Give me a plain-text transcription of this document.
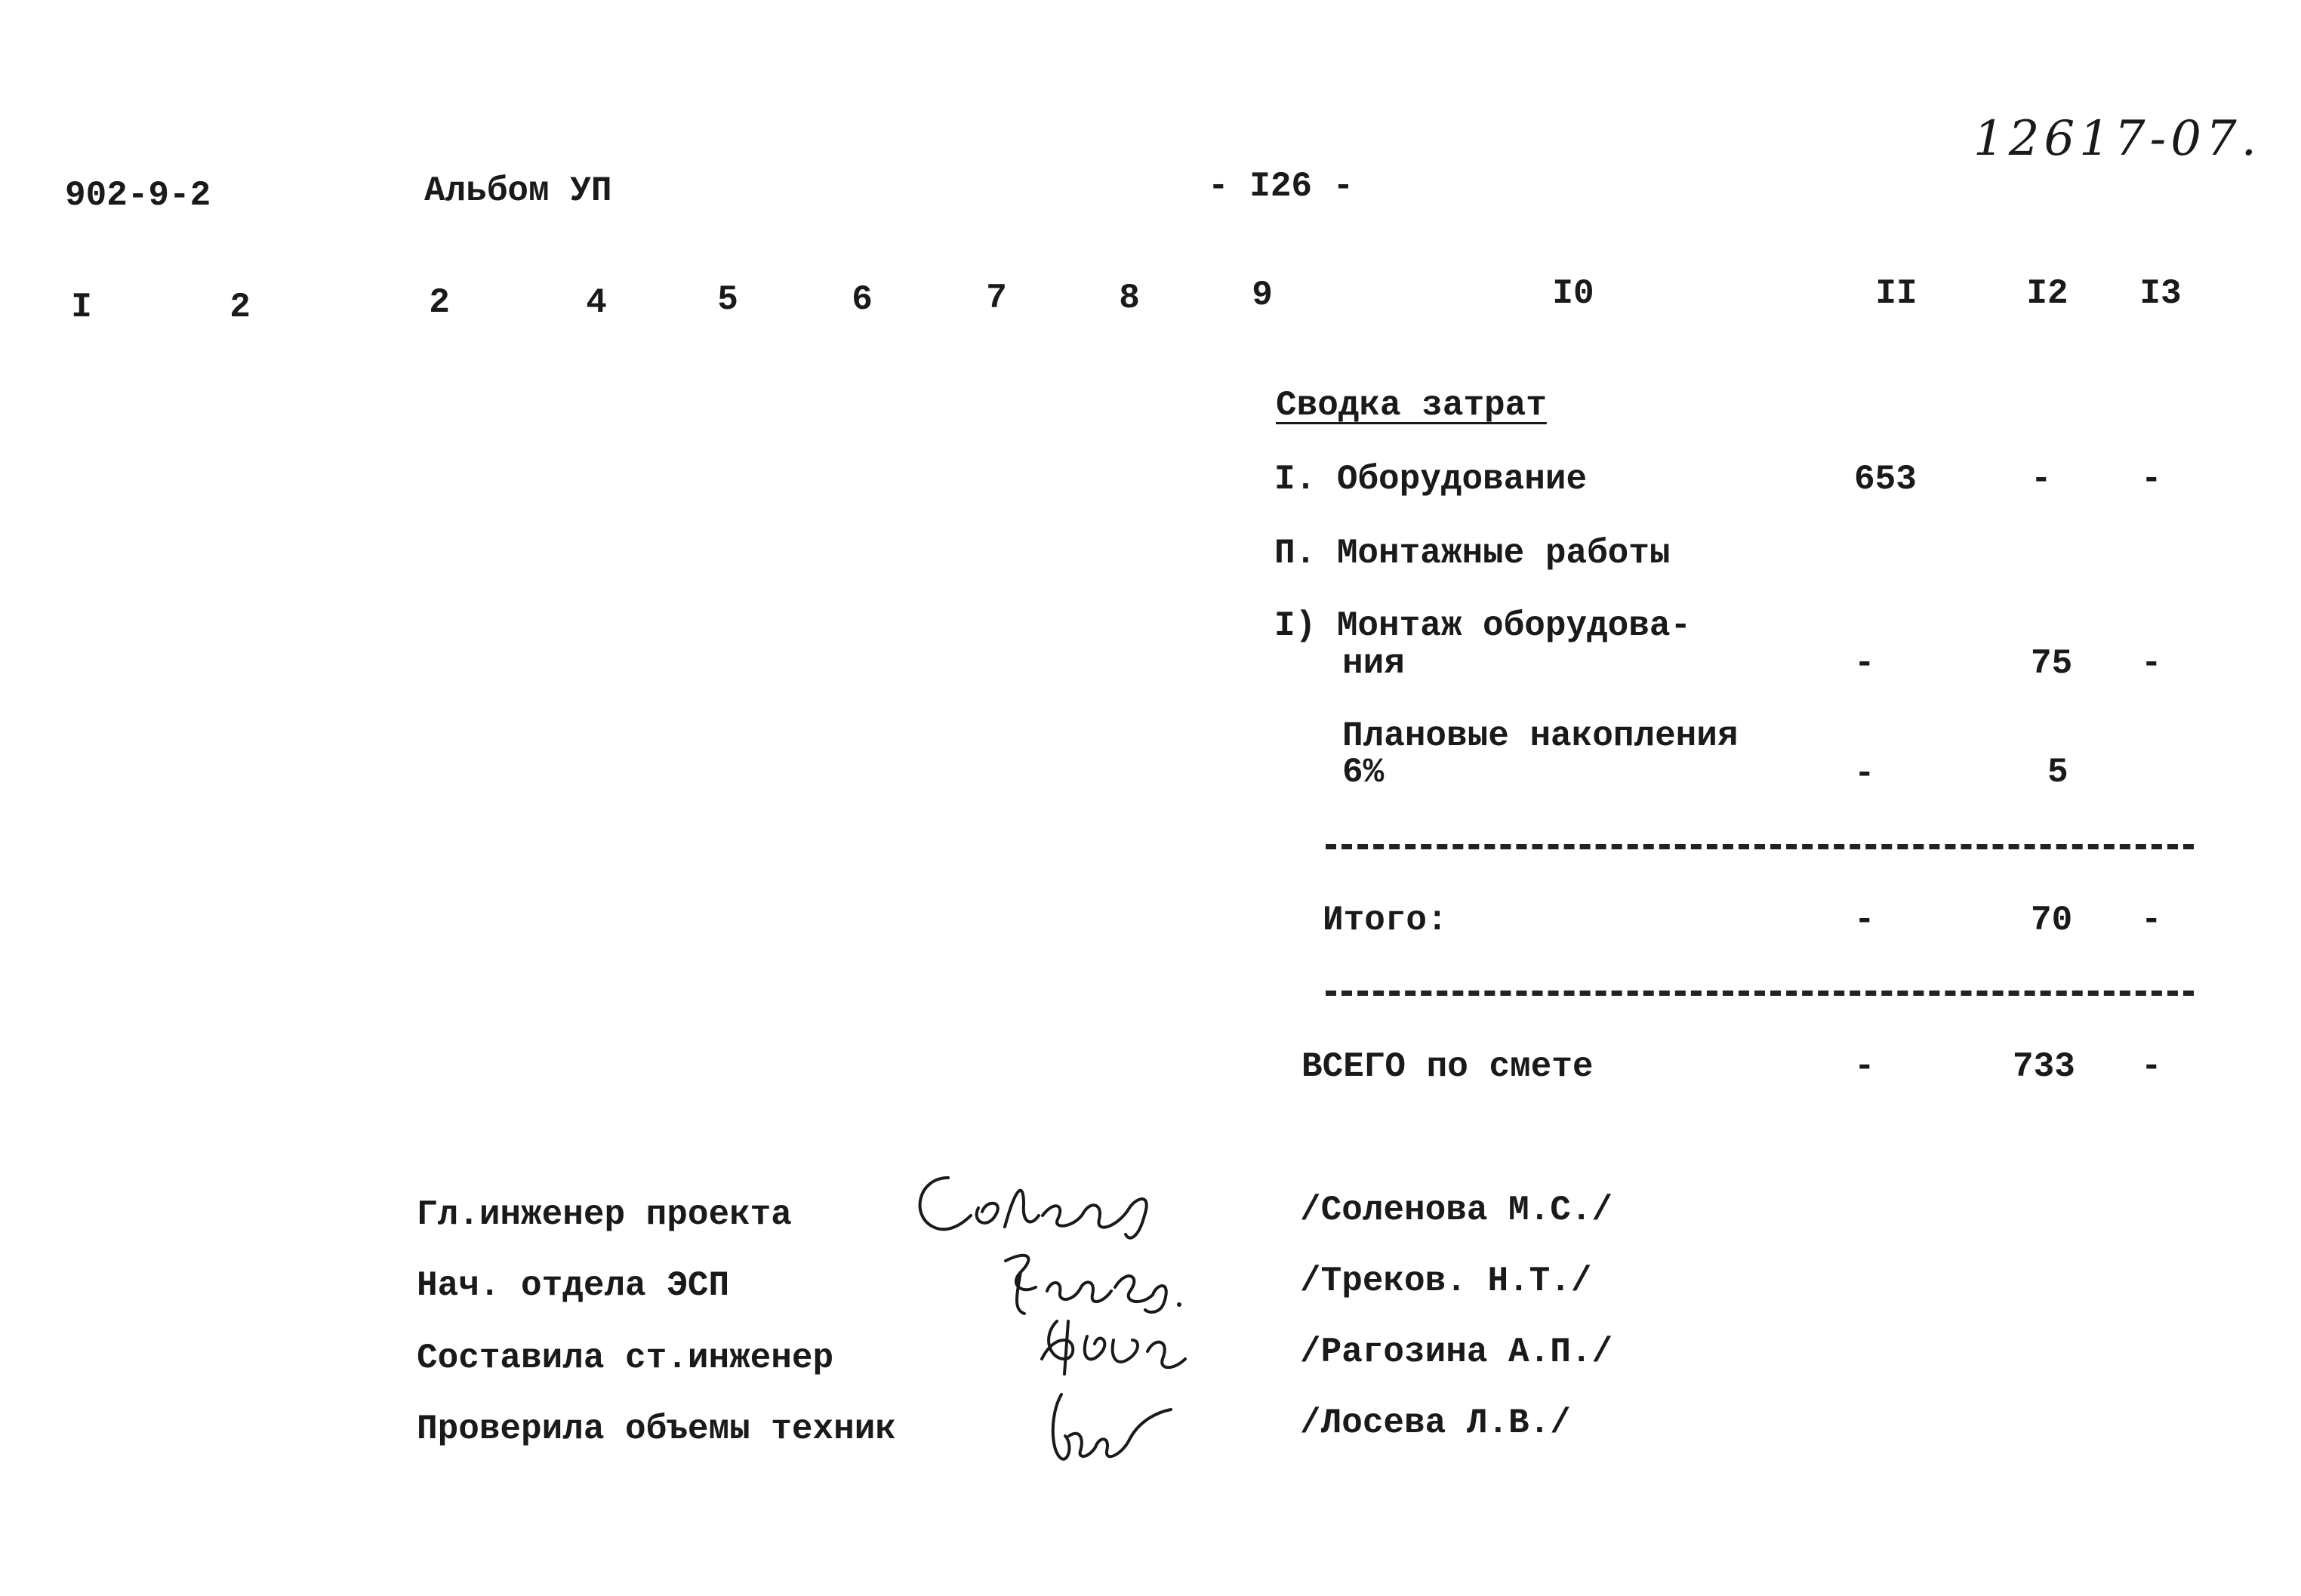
902-9-2	Альбом УП	- I26 -
12617-07.
I	2	2	4	5	6	7	8	9	I0	II	I2 I3
Сводка затрат
I. Оборудование	653	-	-
П. Монтажные работы
I) Монтаж оборудова-
ния	-	75 -
Плановые накопления
6%	-	5
Итого:	-	70 -
ВСЕГО по смете	-	733 -
Гл.инженер проекта	/Соленова М.С./
Нач. отдела ЭСП	/Треков. Н.Т./
Составила ст.инженер	/Рагозина А.П./
Проверила объемы техник	/Лосева Л.В./
